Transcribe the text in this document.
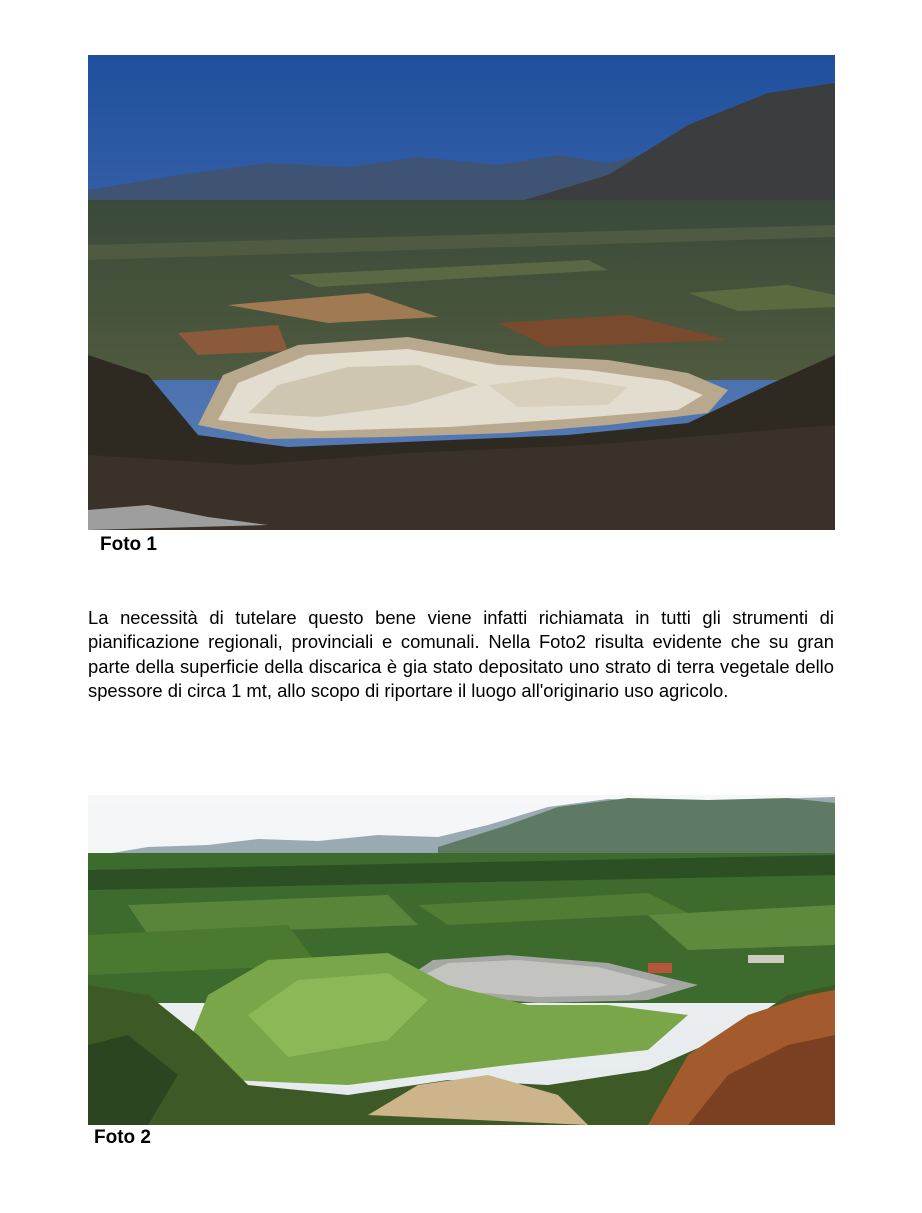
Foto 1

La necessità di tutelare questo bene viene infatti richiamata in tutti gli strumenti di pianificazione regionali, provinciali e comunali. Nella Foto2 risulta evidente che su gran parte della superficie della discarica è gia stato depositato uno strato di terra vegetale dello spessore di circa 1 mt, allo scopo di riportare il luogo all'originario uso agricolo.

Foto 2
